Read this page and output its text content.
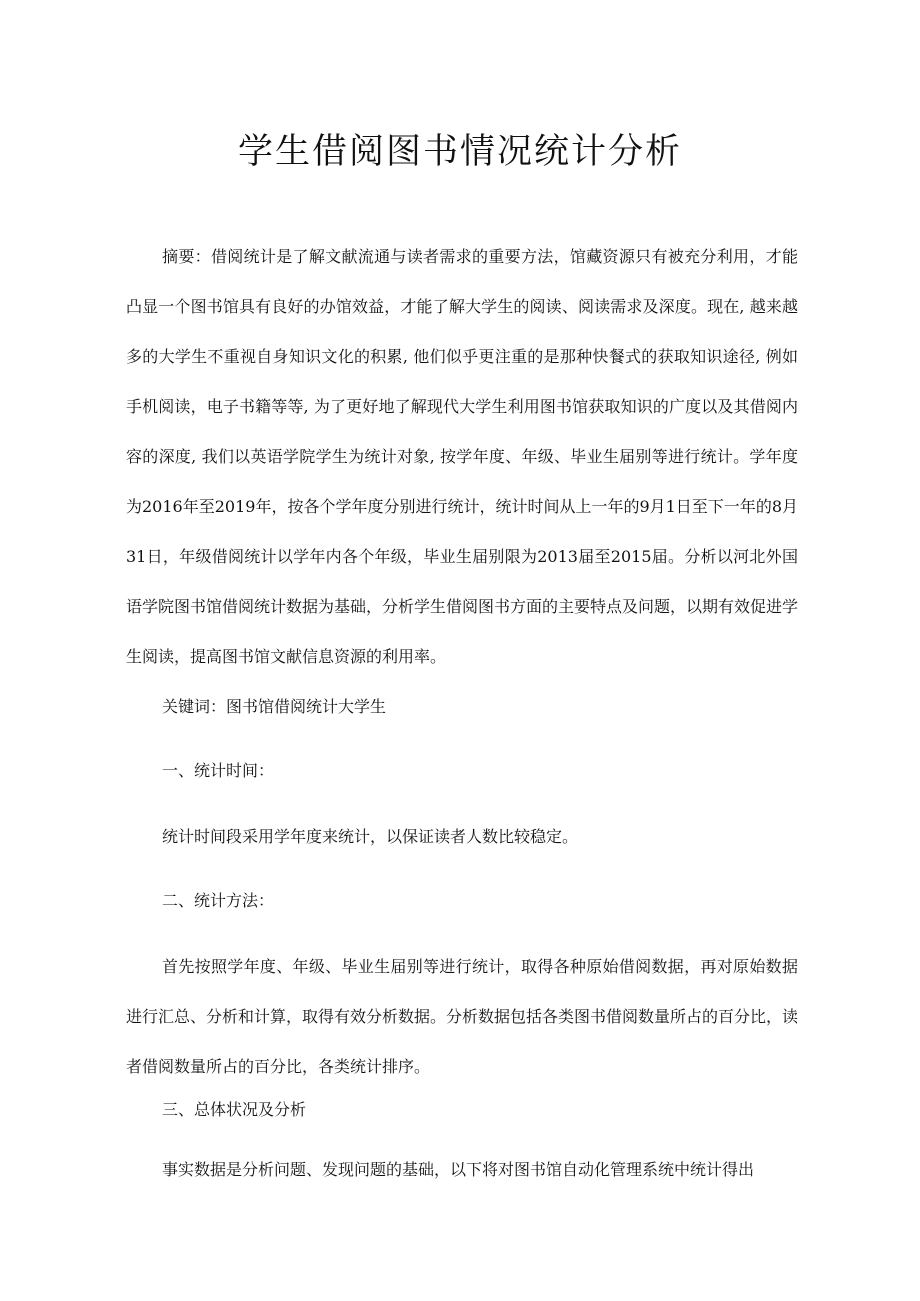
学生借阅图书情况统计分析

摘要：借阅统计是了解文献流通与读者需求的重要方法，馆藏资源只有被充分利用，才能凸显一个图书馆具有良好的办馆效益，才能了解大学生的阅读、阅读需求及深度。现在, 越来越多的大学生不重视自身知识文化的积累, 他们似乎更注重的是那种快餐式的获取知识途径, 例如手机阅读，电子书籍等等, 为了更好地了解现代大学生利用图书馆获取知识的广度以及其借阅内容的深度, 我们以英语学院学生为统计对象, 按学年度、年级、毕业生届别等进行统计。学年度为2016年至2019年，按各个学年度分别进行统计，统计时间从上一年的9月1日至下一年的8月31日，年级借阅统计以学年内各个年级，毕业生届别限为2013届至2015届。分析以河北外国语学院图书馆借阅统计数据为基础，分析学生借阅图书方面的主要特点及问题，以期有效促进学生阅读，提高图书馆文献信息资源的利用率。

关键词：图书馆借阅统计大学生

一、统计时间：

统计时间段采用学年度来统计，以保证读者人数比较稳定。

二、统计方法：

首先按照学年度、年级、毕业生届别等进行统计，取得各种原始借阅数据，再对原始数据进行汇总、分析和计算，取得有效分析数据。分析数据包括各类图书借阅数量所占的百分比，读者借阅数量所占的百分比，各类统计排序。

三、总体状况及分析

事实数据是分析问题、发现问题的基础，以下将对图书馆自动化管理系统中统计得出
